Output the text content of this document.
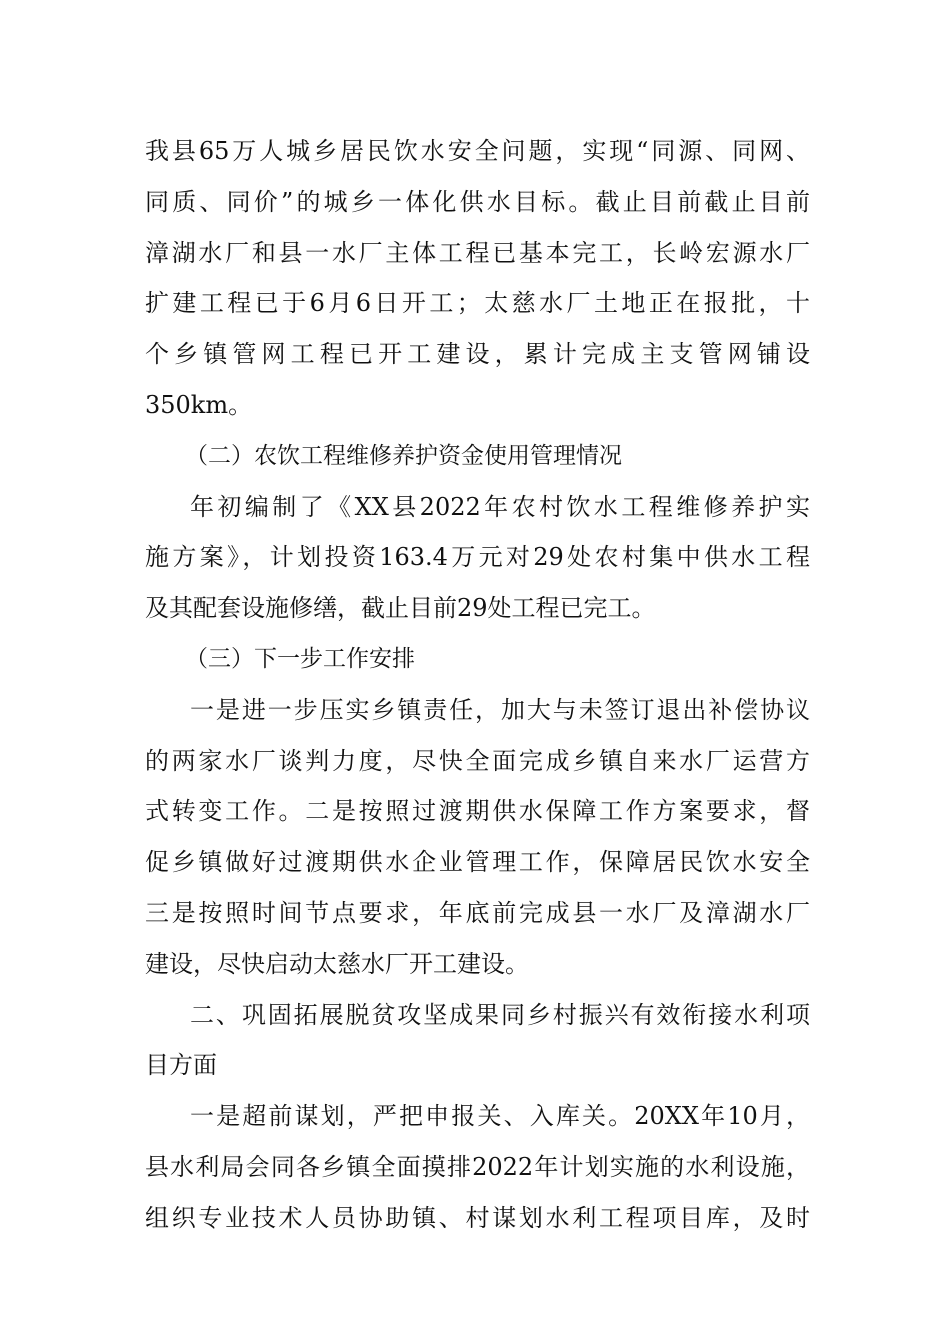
我县65万人城乡居民饮水安全问题，实现“同源、同网、
同质、同价”的城乡一体化供水目标。截止目前截止目前
漳湖水厂和县一水厂主体工程已基本完工，长岭宏源水厂
扩建工程已于6月6日开工；太慈水厂土地正在报批，十
个乡镇管网工程已开工建设，累计完成主支管网铺设
350km。
（二）农饮工程维修养护资金使用管理情况
年初编制了《XX县2022年农村饮水工程维修养护实
施方案》，计划投资163.4万元对29处农村集中供水工程
及其配套设施修缮，截止目前29处工程已完工。
（三）下一步工作安排
一是进一步压实乡镇责任，加大与未签订退出补偿协议
的两家水厂谈判力度，尽快全面完成乡镇自来水厂运营方
式转变工作。二是按照过渡期供水保障工作方案要求，督
促乡镇做好过渡期供水企业管理工作，保障居民饮水安全
三是按照时间节点要求，年底前完成县一水厂及漳湖水厂
建设，尽快启动太慈水厂开工建设。
二、巩固拓展脱贫攻坚成果同乡村振兴有效衔接水利项
目方面
一是超前谋划，严把申报关、入库关。20XX年10月，
县水利局会同各乡镇全面摸排2022年计划实施的水利设施，
组织专业技术人员协助镇、村谋划水利工程项目库，及时
